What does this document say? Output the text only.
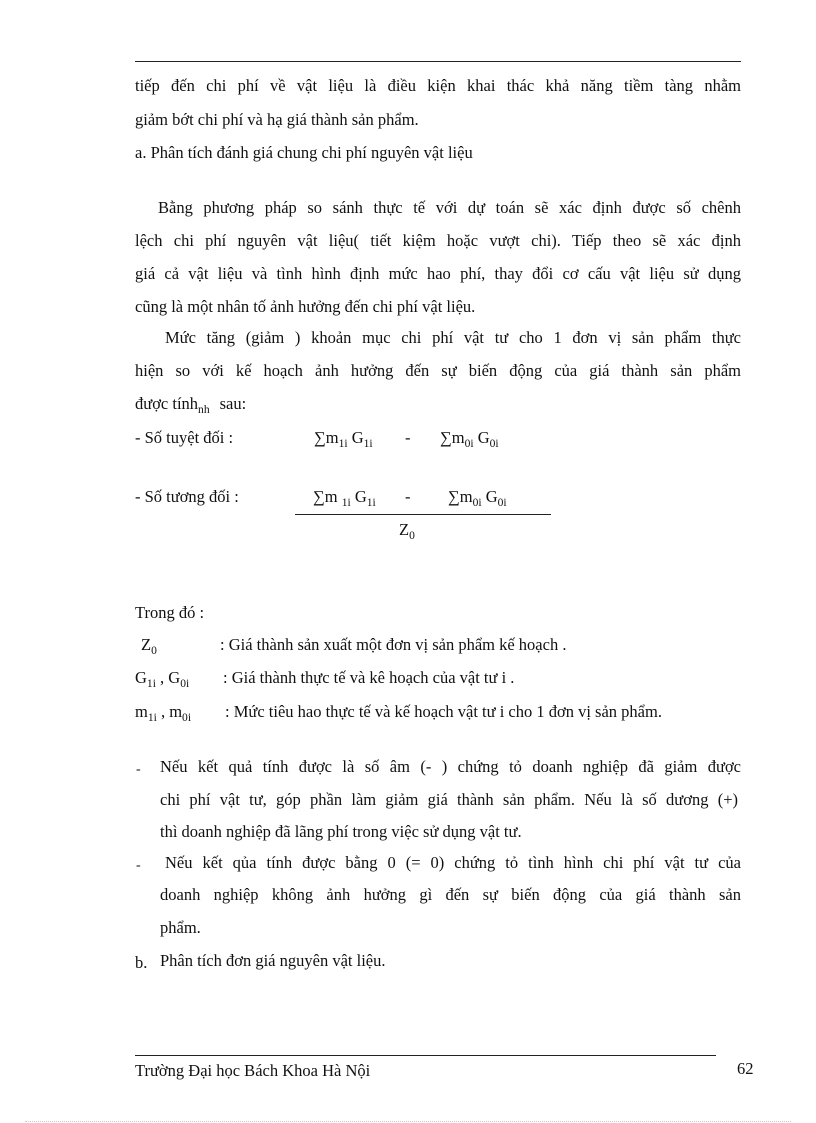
tiếp đến chi phí về vật liệu là điều kiện khai thác khả năng tiềm tàng nhằm
giảm bớt chi phí và hạ giá thành sản phẩm.
a. Phân tích đánh giá chung chi phí nguyên vật liệu
Bằng phương pháp so sánh thực tế với dự toán sẽ xác định được số chênh
lệch chi phí nguyên vật liệu( tiết kiệm hoặc vượt chi). Tiếp theo sẽ xác định
giá cả vật liệu và tình hình định mức hao phí, thay đổi cơ cấu vật liệu sử dụng
cũng là một nhân tố ảnh hưởng đến chi phí vật liệu.
Mức tăng (giảm ) khoản mục chi phí vật tư cho 1 đơn vị sản phẩm thực
hiện so với kế hoạch ảnh hưởng đến sự biến động của giá thành sản phẩm
được tính$_{nh}$ sau:
- Số tuyệt đối :	$\sum m_{1i}$ $G_{1i} - \sum m_{0i}$ $G_{0i}$
- Số tương đối :	∑m $_{1i}$ $G_{1i} - \sum m_{0i}$ $G_{0i}$
$Z_0$
Trong đó :
$Z_0$	: Giá thành sản xuất một đơn vị sản phẩm kế hoạch .
$G_{1i}$ , $G_{0i}$ : Giá thành thực tế và kê hoạch của vật tư i .
$m_{1i}$ , $m_{0i}$ : Mức tiêu hao thực tế và kế hoạch vật tư i cho 1 đơn vị sản phẩm.
- Nếu kết quả tính được là số âm (- ) chứng tỏ doanh nghiệp đã giảm được
chi phí vật tư, góp phần làm giảm giá thành sản phẩm. Nếu là số dương (+)
thì doanh nghiệp đã lãng phí trong việc sử dụng vật tư.
- Nếu kết qủa tính được bằng 0 (= 0) chứng tỏ tình hình chi phí vật tư của
doanh nghiệp không ảnh hưởng gì đến sự biến động của giá thành sản
phẩm.
b. Phân tích đơn giá nguyên vật liệu.
Trường Đại học Bách Khoa Hà Nội	62
